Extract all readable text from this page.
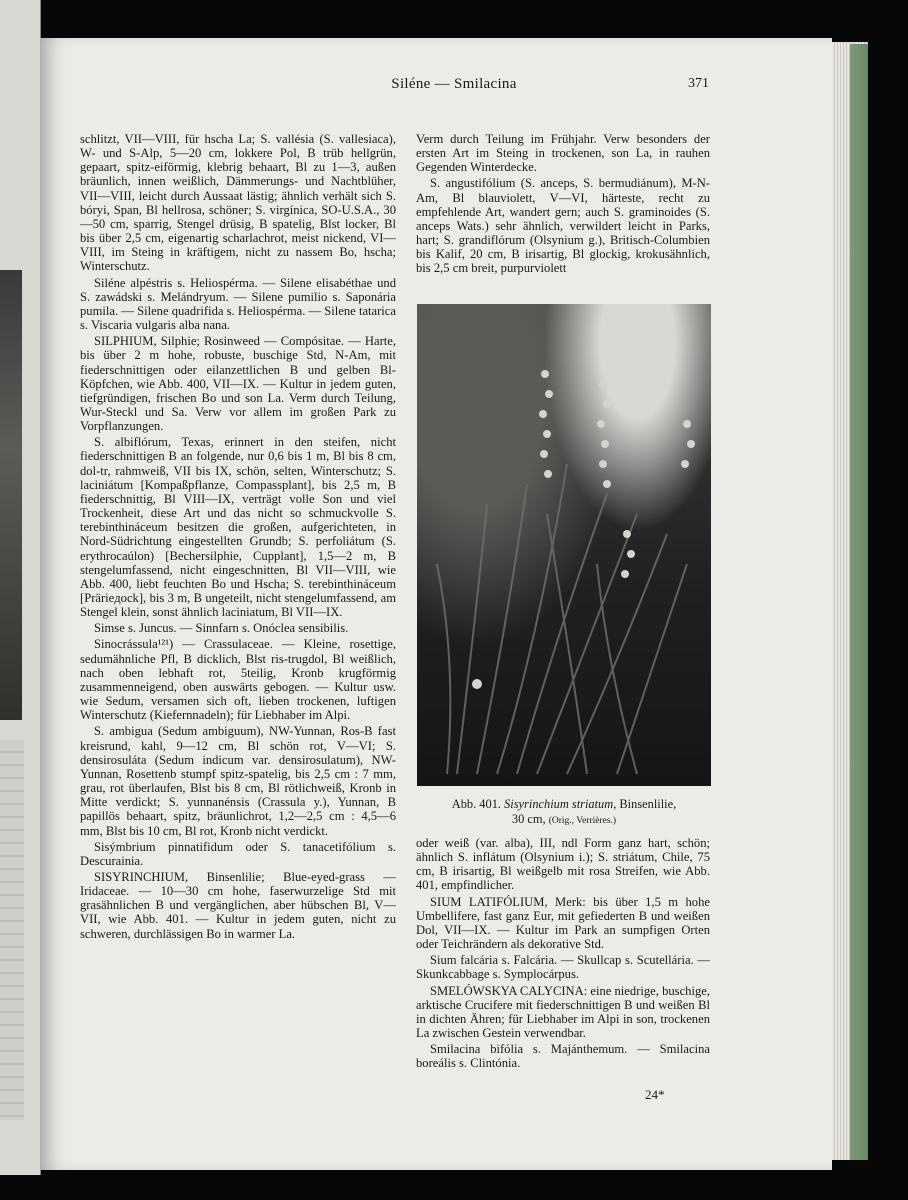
Siléne — Smilacina	371

schlitzt, VII—VIII, für hscha La; S. vallésia (S. vallesiaca), W- und S-Alp, 5—20 cm, lokkere Pol, B trüb hellgrün, gepaart, spitz-eiförmig, klebrig behaart, Bl zu 1—3, außen bräunlich, innen weißlich, Dämmerungs- und Nachtblüher, VII—VIII, leicht durch Aussaat lästig; ähnlich verhält sich S. bóryi, Span, Bl hellrosa, schöner; S. virgínica, SO-U.S.A., 30—50 cm, sparrig, Stengel drüsig, B spatelig, Blst locker, Bl bis über 2,5 cm, eigenartig scharlachrot, meist nickend, VI—VIII, im Steing in kräftigem, nicht zu nassem Bo, hscha; Winterschutz.

Siléne alpéstris s. Heliospérma. — Silene elisabéthae und S. zawádski s. Melándryum. — Silene pumilio s. Saponária pumila. — Silene quadrifida s. Heliospérma. — Silene tatarica s. Viscaria vulgaris alba nana.

SILPHIUM, Silphie; Rosinweed — Compósitae. — Harte, bis über 2 m hohe, robuste, buschige Std, N-Am, mit fiederschnittigen oder eilanzettlichen B und gelben Bl-Köpfchen, wie Abb. 400, VII—IX. — Kultur in jedem guten, tiefgründigen, frischen Bo und son La. Verm durch Teilung, Wur-Steckl und Sa. Verw vor allem im großen Park zu Vorpflanzungen.

S. albiflórum, Texas, erinnert in den steifen, nicht fiederschnittigen B an folgende, nur 0,6 bis 1 m, Bl bis 8 cm, dol-tr, rahmweiß, VII bis IX, schön, selten, Winterschutz; S. laciniátum [Kompaßpflanze, Compassplant], bis 2,5 m, B fiederschnittig, Bl VIII—IX, verträgt volle Son und viel Trockenheit, diese Art und das nicht so schmuckvolle S. terebinthináceum besitzen die großen, aufgerichteten, in Nord-Südrichtung eingestellten Grundb; S. perfoliátum (S. erythrocaúlon) [Bechersilphie, Cupplant], 1,5—2 m, B stengelumfassend, nicht eingeschnitten, Bl VII—VIII, wie Abb. 400, liebt feuchten Bo und Hscha; S. terebinthináceum [Prärieдock], bis 3 m, B ungeteilt, nicht stengelumfassend, am Stengel klein, sonst ähnlich laciniatum, Bl VII—IX.

Simse s. Juncus. — Sinnfarn s. Onóclea sensibilis.

Sinocrássula¹²¹) — Crassulaceae. — Kleine, rosettige, sedumähnliche Pfl, B dicklich, Blst ris-trugdol, Bl weißlich, nach oben lebhaft rot, 5teilig, Kronb krugförmig zusammenneigend, oben auswärts gebogen. — Kultur usw. wie Sedum, versamen sich oft, lieben trockenen, luftigen Winterschutz (Kiefernnadeln); für Liebhaber im Alpi.

S. ambigua (Sedum ambiguum), NW-Yunnan, Ros-B fast kreisrund, kahl, 9—12 cm, Bl schön rot, V—VI; S. densirosuláta (Sedum indicum var. densirosulatum), NW-Yunnan, Rosettenb stumpf spitz-spatelig, bis 2,5 cm : 7 mm, grau, rot überlaufen, Blst bis 8 cm, Bl rötlichweiß, Kronb in Mitte verdickt; S. yunnanénsis (Crassula y.), Yunnan, B papillös behaart, spitz, bräunlichrot, 1,2—2,5 cm : 4,5—6 mm, Blst bis 10 cm, Bl rot, Kronb nicht verdickt.

Sisýmbrium pinnatifidum oder S. tanacetifólium s. Descurainia.

SISYRINCHIUM, Binsenlilie; Blue-eyed-grass — Iridaceae. — 10—30 cm hohe, faserwurzelige Std mit grasähnlichen B und vergänglichen, aber hübschen Bl, V—VII, wie Abb. 401. — Kultur in jedem guten, nicht zu schweren, durchlässigen Bo in warmer La.

Verm durch Teilung im Frühjahr. Verw besonders der ersten Art im Steing in trockenen, son La, in rauhen Gegenden Winterdecke.

S. angustifólium (S. anceps, S. bermudiánum), M-N-Am, Bl blauviolett, V—VI, härteste, recht zu empfehlende Art, wandert gern; auch S. graminoides (S. anceps Wats.) sehr ähnlich, verwildert leicht in Parks, hart; S. grandiflórum (Olsynium g.), Britisch-Columbien bis Kalif, 20 cm, B irisartig, Bl glockig, krokusähnlich, bis 2,5 cm breit, purpurviolett

Abb. 401. Sisyrinchium striatum, Binsenlilie,
30 cm, (Orig., Verrières.)

oder weiß (var. alba), III, ndl Form ganz hart, schön; ähnlich S. inflátum (Olsynium i.); S. striátum, Chile, 75 cm, B irisartig, Bl weißgelb mit rosa Streifen, wie Abb. 401, empfindlicher.

SIUM LATIFÓLIUM, Merk: bis über 1,5 m hohe Umbellifere, fast ganz Eur, mit gefiederten B und weißen Dol, VII—IX. — Kultur im Park an sumpfigen Orten oder Teichrändern als dekorative Std.

Sium falcária s. Falcária. — Skullcap s. Scutellária. — Skunkcabbage s. Symplocárpus.

SMELÓWSKYA CALYCINA: eine niedrige, buschige, arktische Crucifere mit fiederschnittigen B und weißen Bl in dichten Ähren; für Liebhaber im Alpi in son, trockenen La zwischen Gestein verwendbar.

Smilacina bifólia s. Majánthemum. — Smilacina boreális s. Clintónia.

24*
